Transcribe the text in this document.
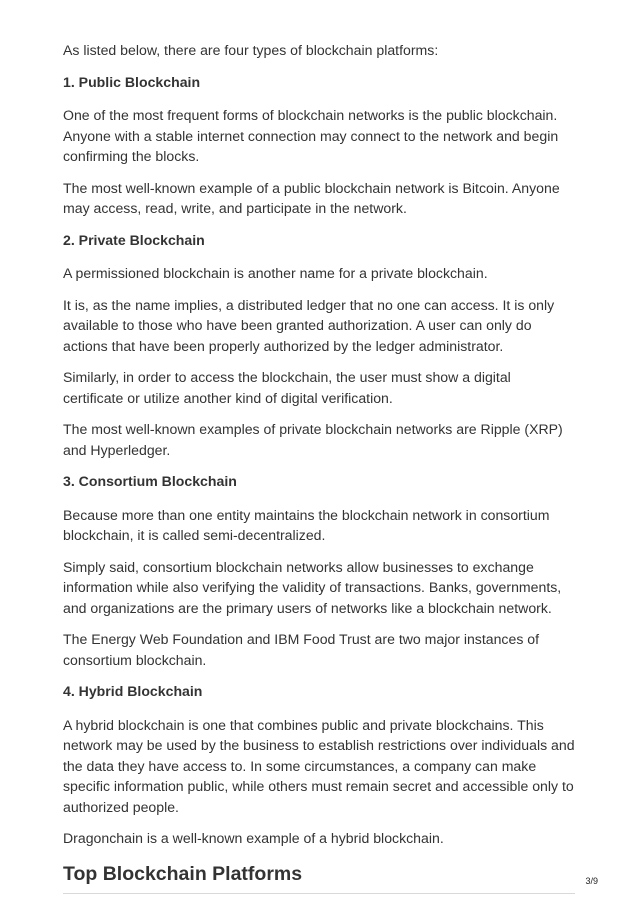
As listed below, there are four types of blockchain platforms:

1. Public Blockchain

One of the most frequent forms of blockchain networks is the public blockchain. Anyone with a stable internet connection may connect to the network and begin confirming the blocks.

The most well-known example of a public blockchain network is Bitcoin. Anyone may access, read, write, and participate in the network.

2. Private Blockchain

A permissioned blockchain is another name for a private blockchain.

It is, as the name implies, a distributed ledger that no one can access. It is only available to those who have been granted authorization. A user can only do actions that have been properly authorized by the ledger administrator.

Similarly, in order to access the blockchain, the user must show a digital certificate or utilize another kind of digital verification.

The most well-known examples of private blockchain networks are Ripple (XRP) and Hyperledger.

3. Consortium Blockchain

Because more than one entity maintains the blockchain network in consortium blockchain, it is called semi-decentralized.

Simply said, consortium blockchain networks allow businesses to exchange information while also verifying the validity of transactions. Banks, governments, and organizations are the primary users of networks like a blockchain network.

The Energy Web Foundation and IBM Food Trust are two major instances of consortium blockchain.

4. Hybrid Blockchain

A hybrid blockchain is one that combines public and private blockchains. This network may be used by the business to establish restrictions over individuals and the data they have access to. In some circumstances, a company can make specific information public, while others must remain secret and accessible only to authorized people.

Dragonchain is a well-known example of a hybrid blockchain.

Top Blockchain Platforms	3/9
